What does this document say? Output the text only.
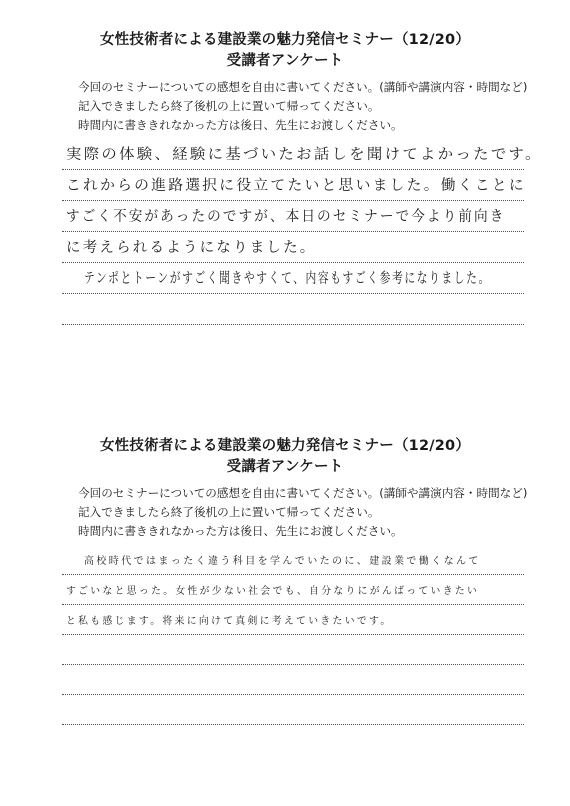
女性技術者による建設業の魅力発信セミナー（12/20）
受講者アンケート
今回のセミナーについての感想を自由に書いてください。(講師や講演内容・時間など)
記入できましたら終了後机の上に置いて帰ってください。
時間内に書ききれなかった方は後日、先生にお渡しください。
実際の体験、経験に基づいたお話しを聞けてよかったです。
これからの進路選択に役立てたいと思いました。働くことに
すごく不安があったのですが、本日のセミナーで今より前向き
に考えられるようになりました。
テンポとトーンがすごく聞きやすくて、内容もすごく参考になりました。
女性技術者による建設業の魅力発信セミナー（12/20）
受講者アンケート
今回のセミナーについての感想を自由に書いてください。(講師や講演内容・時間など)
記入できましたら終了後机の上に置いて帰ってください。
時間内に書ききれなかった方は後日、先生にお渡しください。
高校時代ではまったく違う科目を学んでいたのに、建設業で働くなんて
すごいなと思った。女性が少ない社会でも、自分なりにがんばっていきたい
と私も感じます。将来に向けて真剣に考えていきたいです。
